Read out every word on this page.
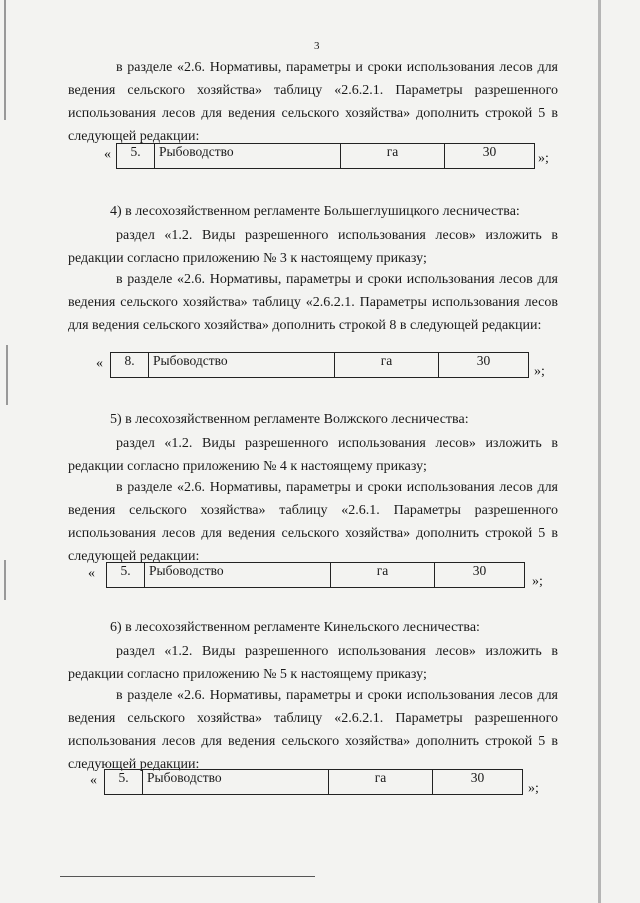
3

в разделе «2.6. Нормативы, параметры и сроки использования лесов для ведения сельского хозяйства» таблицу «2.6.2.1. Параметры разрешенного использования лесов для ведения сельского хозяйства» дополнить строкой 5 в следующей редакции:

« 5.	Рыбоводство	га	30	»;

4) в лесохозяйственном регламенте Большеглушицкого лесничества:

раздел «1.2. Виды разрешенного использования лесов» изложить в редакции согласно приложению № 3 к настоящему приказу;

в разделе «2.6. Нормативы, параметры и сроки использования лесов для ведения сельского хозяйства» таблицу «2.6.2.1. Параметры использования лесов для ведения сельского хозяйства» дополнить строкой 8 в следующей редакции:

« 8.	Рыбоводство	га	30
»;

5) в лесохозяйственном регламенте Волжского лесничества:

раздел «1.2. Виды разрешенного использования лесов» изложить в редакции согласно приложению № 4 к настоящему приказу;

в разделе «2.6. Нормативы, параметры и сроки использования лесов для ведения сельского хозяйства» таблицу «2.6.1. Параметры разрешенного использования лесов для ведения сельского хозяйства» дополнить строкой 5 в следующей редакции:

« 5.	Рыбоводство	га	30
»;

6) в лесохозяйственном регламенте Кинельского лесничества:

раздел «1.2. Виды разрешенного использования лесов» изложить в редакции согласно приложению № 5 к настоящему приказу;

в разделе «2.6. Нормативы, параметры и сроки использования лесов для ведения сельского хозяйства» таблицу «2.6.2.1. Параметры разрешенного использования лесов для ведения сельского хозяйства» дополнить строкой 5 в следующей редакции:

« 5.	Рыбоводство	га	30
»;
